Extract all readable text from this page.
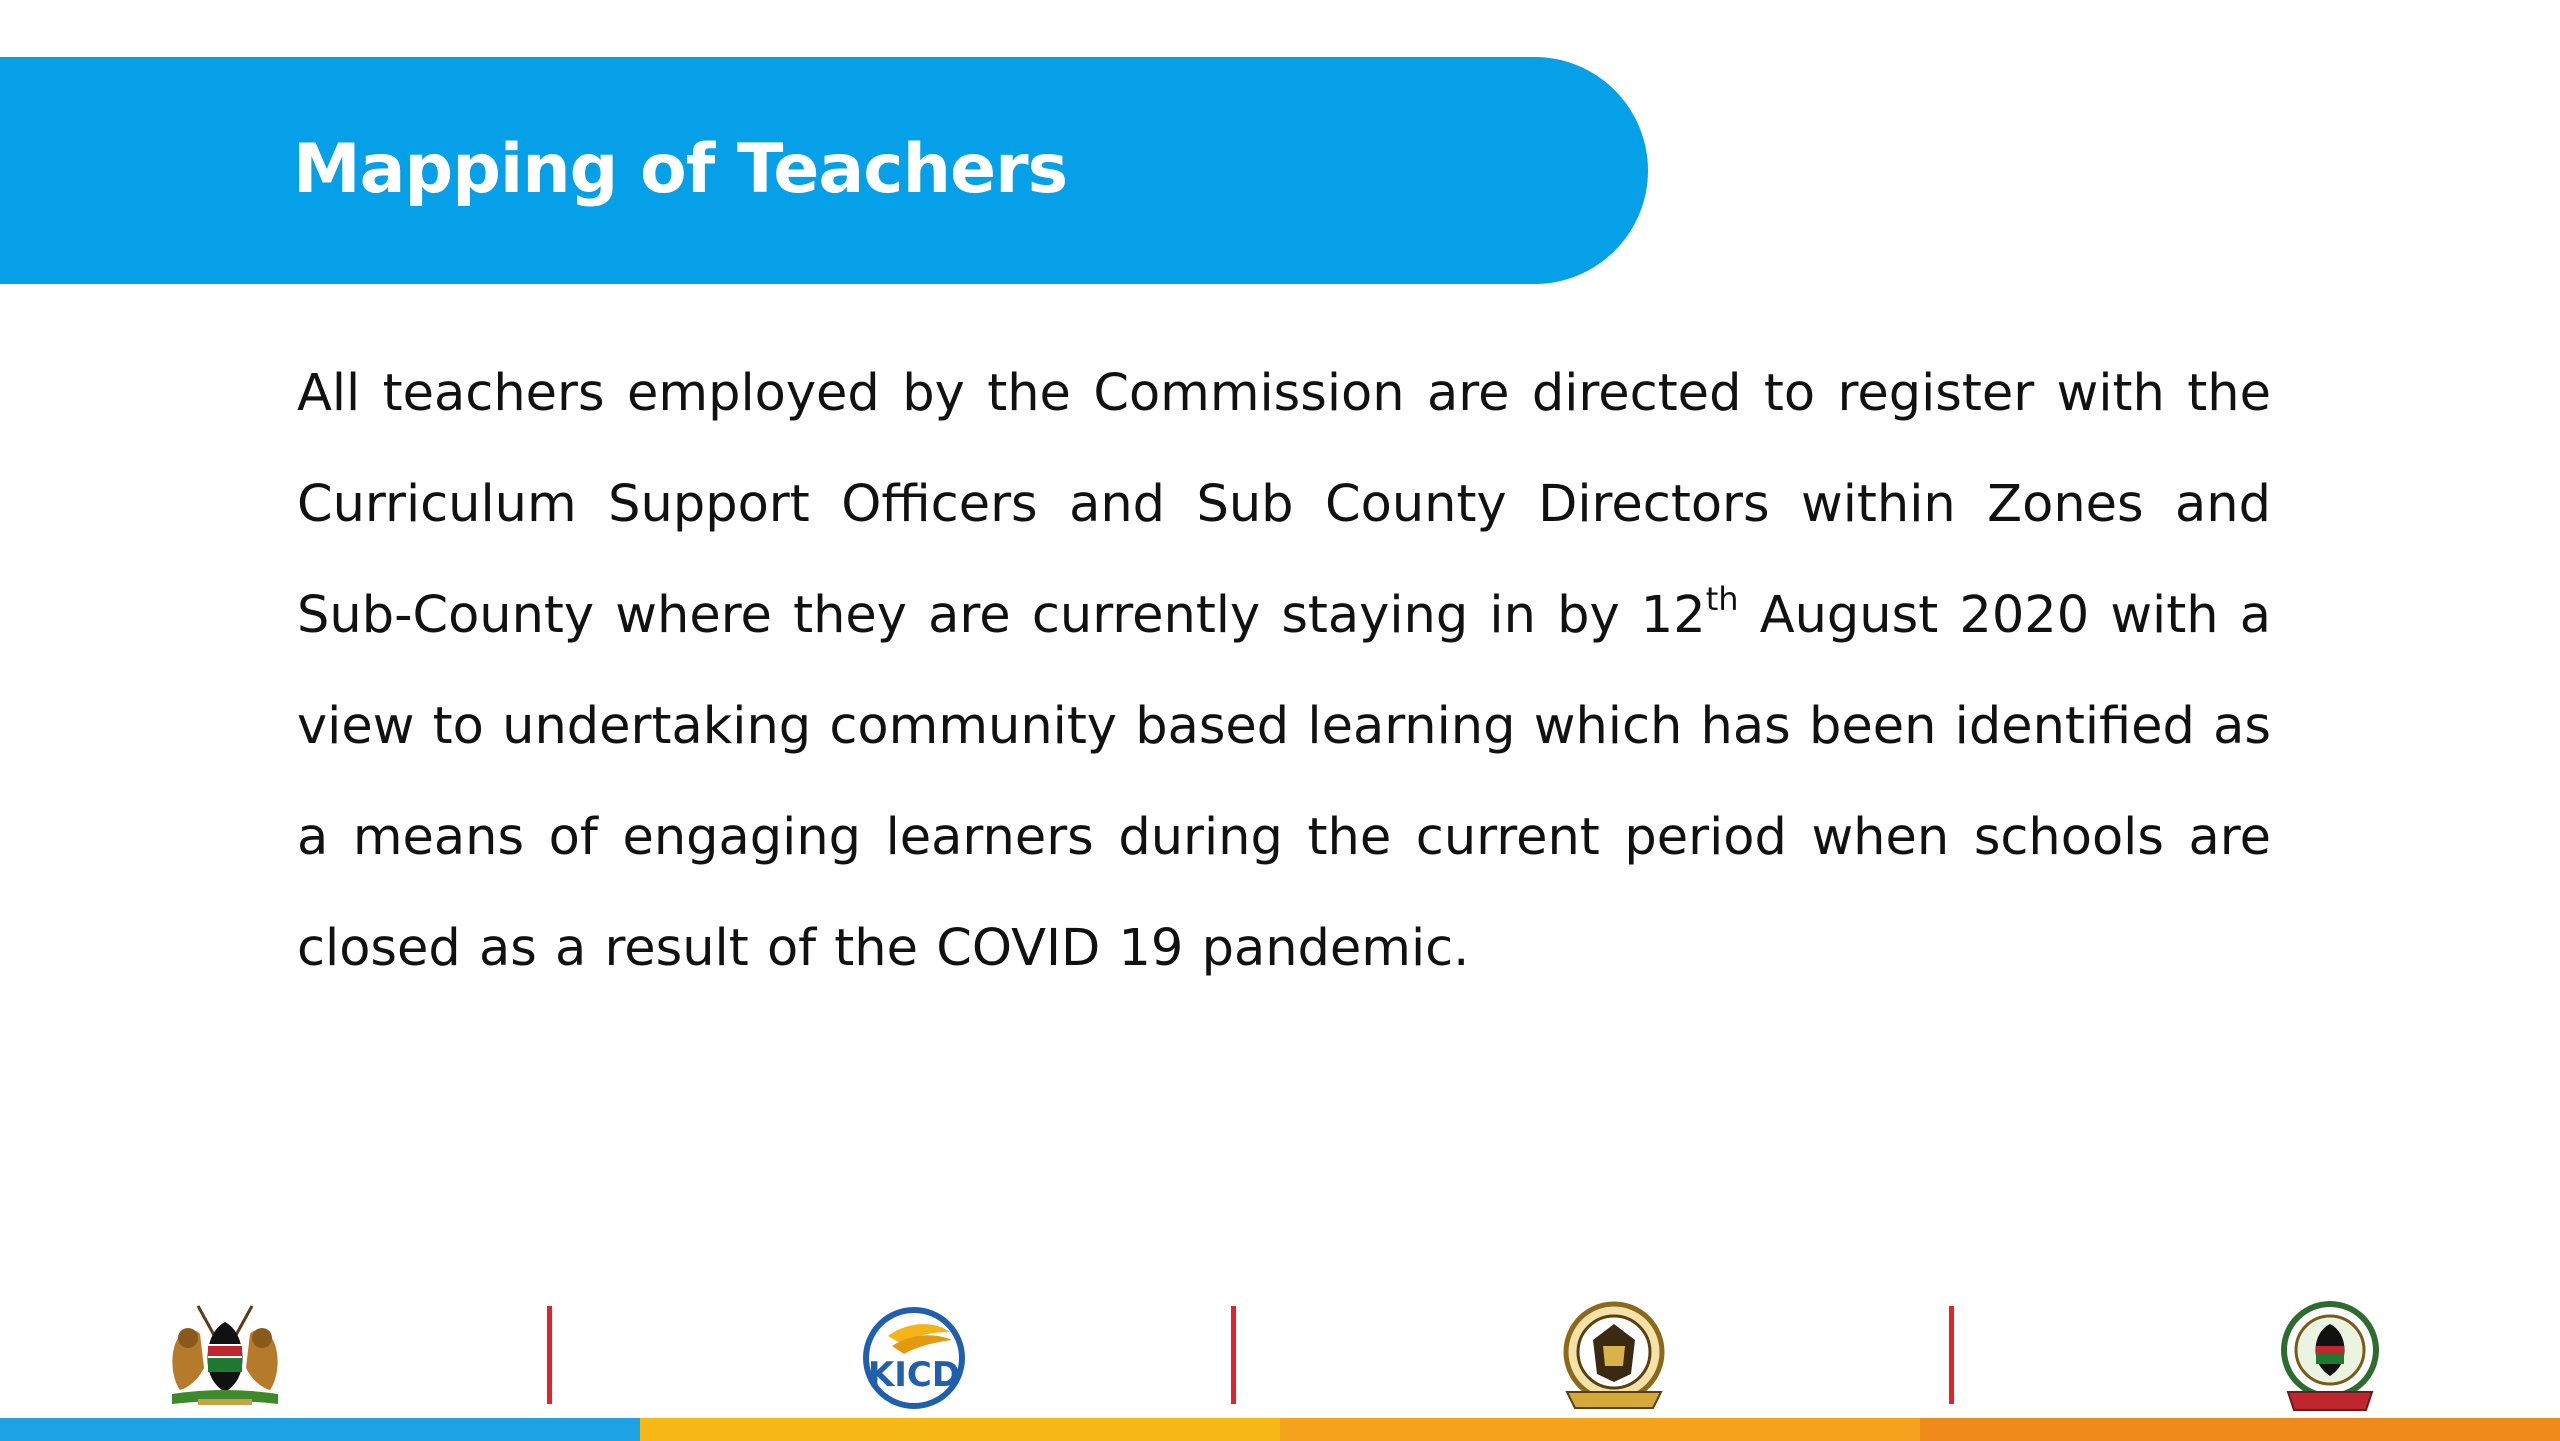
Mapping of Teachers
All teachers employed by the Commission are directed to register with the Curriculum Support Officers and Sub County Directors within Zones and Sub-County where they are currently staying in by 12th August 2020 with a view to undertaking community based learning which has been identified as a means of engaging learners during the current period when schools are closed as a result of the COVID 19 pandemic.
KICD
